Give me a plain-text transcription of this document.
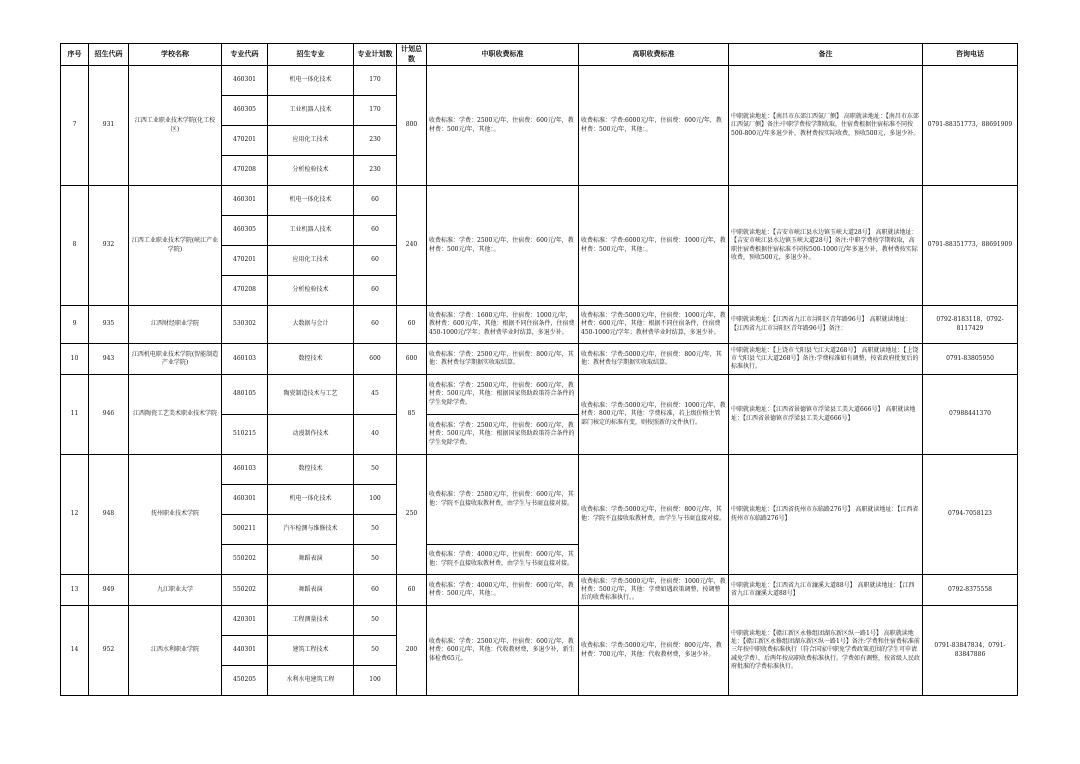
序号	招生代码	学校名称	专业代码	招生专业	专业计划数	计划总数	中职收费标准	高职收费标准	备注	咨询电话
7	931	江西工业职业技术学院(化工校区)	460301	机电一体化技术	170	800	收费标准：学费：2500元/年，住宿费：600元/年，教材费：500元/年，其他：。	收费标准：学费:6000元/年，住宿费：600元/年，教材费：500元/年，其他：。	中职就读地址：【南昌市东郊江西氨厂侧】 高职就读地址：【南昌市东郊江西氨厂侧】备注:中职学费按学期收取，住宿费根据住宿标准不同按500-800元/年多退少补，教材费按实际收费，预收500元，多退少补。	0791-88351773，88691909
			460305	工业机器人技术	170					
			470201	应用化工技术	230					
			470208	分析检验技术	230					
8	932	江西工业职业技术学院(峡江产业学院)	460301	机电一体化技术	60	240	收费标准：学费：2500元/年，住宿费：600元/年，教材费：500元/年，其他：。	收费标准：学费:6000元/年，住宿费：1000元/年，教材费：500元/年，其他：。	中职就读地址：【吉安市峡江县水边镇玉峡大道28号】 高职就读地址：【吉安市峡江县水边镇玉峡大道28号】备注:中职学费按学期收取，高职住宿费根据住宿标准不同按500-1000元/年多退少补，教材费按实际收费，预收500元，多退少补。	0791-88351773，88691909
			460305	工业机器人技术	60					
			470201	应用化工技术	60					
			470208	分析检验技术	60					
9	935	江西财经职业学院	530302	大数据与会计	60	60	收费标准：学费：1600元/年，住宿费：1000元/年，教材费：600元/年，其他：根据不同住宿条件，住宿费450-1000元/学年；教材费毕业时结算，多退少补。	收费标准：学费:5000元/年，住宿费：1000元/年，教材费：600元/年，其他：根据不同住宿条件，住宿费450-1000元/学年；教材费毕业时结算，多退少补。	中职就读地址：【江西省九江市浔阳区青年路96号】 高职就读地址：【江西省九江市浔阳区青年路96号】备注：	0792-8183118，0792-8117429
10	943	江西机电职业技术学院(智能制造产业学院)	460103	数控技术	600	600	收费标准：学费：2500元/年，住宿费：800元/年，其他：教材费每学期据实收取结算。	收费标准：学费:5000元/年，住宿费：800元/年，其他：教材费每学期据实收取结算。	中职就读地址：【上饶市弋阳县弋江大道268号】 高职就读地址：【上饶市弋阳县弋江大道268号】备注:学费标准如有调整，按省政府批复后的标准执行。	0791-83805950
11	946	江西陶瓷工艺美术职业技术学院	480105	陶瓷制造技术与工艺	45	85	收费标准：学费：2500元/年，住宿费：600元/年，教材费：500元/年，其他：根据国家资助政策符合条件的学生免除学费。	收费标准：学费:5000元/年，住宿费：1000元/年，教材费：800元/年，其他：学费标准，若上级价格主管部门核定的标准有变，则按照新的文件执行。	中职就读地址：【江西省景德镇市浮梁县工美大道666号】 高职就读地址：【江西省景德镇市浮梁县工美大道666号】	07988441370
			510215	动漫制作技术	40		收费标准：学费：2500元/年，住宿费：600元/年，教材费：500元/年，其他：根据国家资助政策符合条件的学生免除学费。			
12	948	抚州职业技术学院	460103	数控技术	50	250	收费标准：学费：2500元/年，住宿费：600元/年，其他：学院不直接收取教材费，由学生与书商直接对接。	收费标准：学费:5000元/年，住宿费：800元/年，其他：学院不直接收取教材费，由学生与书商直接对接。	中职就读地址：【江西省抚州市东临路276号】 高职就读地址：【江西省抚州市东临路276号】	0794-7058123
			460301	机电一体化技术	100					
			500211	汽车检测与维修技术	50					
			550202	舞蹈表演	50		收费标准：学费：4000元/年，住宿费：600元/年，其他：学院不直接收取教材费，由学生与书商直接对接。			
13	949	九江职业大学	550202	舞蹈表演	60	60	收费标准：学费：4000元/年，住宿费：600元/年，教材费：500元/年，其他：。	收费标准：学费:5000元/年，住宿费：1000元/年，教材费：500元/年，其他：学费如遇政策调整，按调整后的收费标准执行。。	中职就读地址：【江西省九江市濂溪大道88号】 高职就读地址：【江西省九江市濂溪大道88号】	0792-8375558
14	952	江西水利职业学院	420301	工程测量技术	50	200	收费标准：学费：2500元/年，住宿费：600元/年，教材费：600元/年，其他：代收教材费，多退少补，新生体检费65元。	收费标准：学费:5000元/年，住宿费：800元/年，教材费：700元/年，其他：代收教材费，多退少补。	中职就读地址：【赣江新区永修组团湖东新区纵一路1号】 高职就读地址：【赣江新区永修组团湖东新区纵一路1号】备注:学费和住宿费标准前三年按中职收费标准执行（符合国家中职免学费政策范围的学生可申请减免学费），后两年按高职收费标准执行。学费如有调整，按省级人民政府批准的学费标准执行。	0791-83847834，0791-83847886
			440301	建筑工程技术	50					
			450205	水利水电建筑工程	100					
